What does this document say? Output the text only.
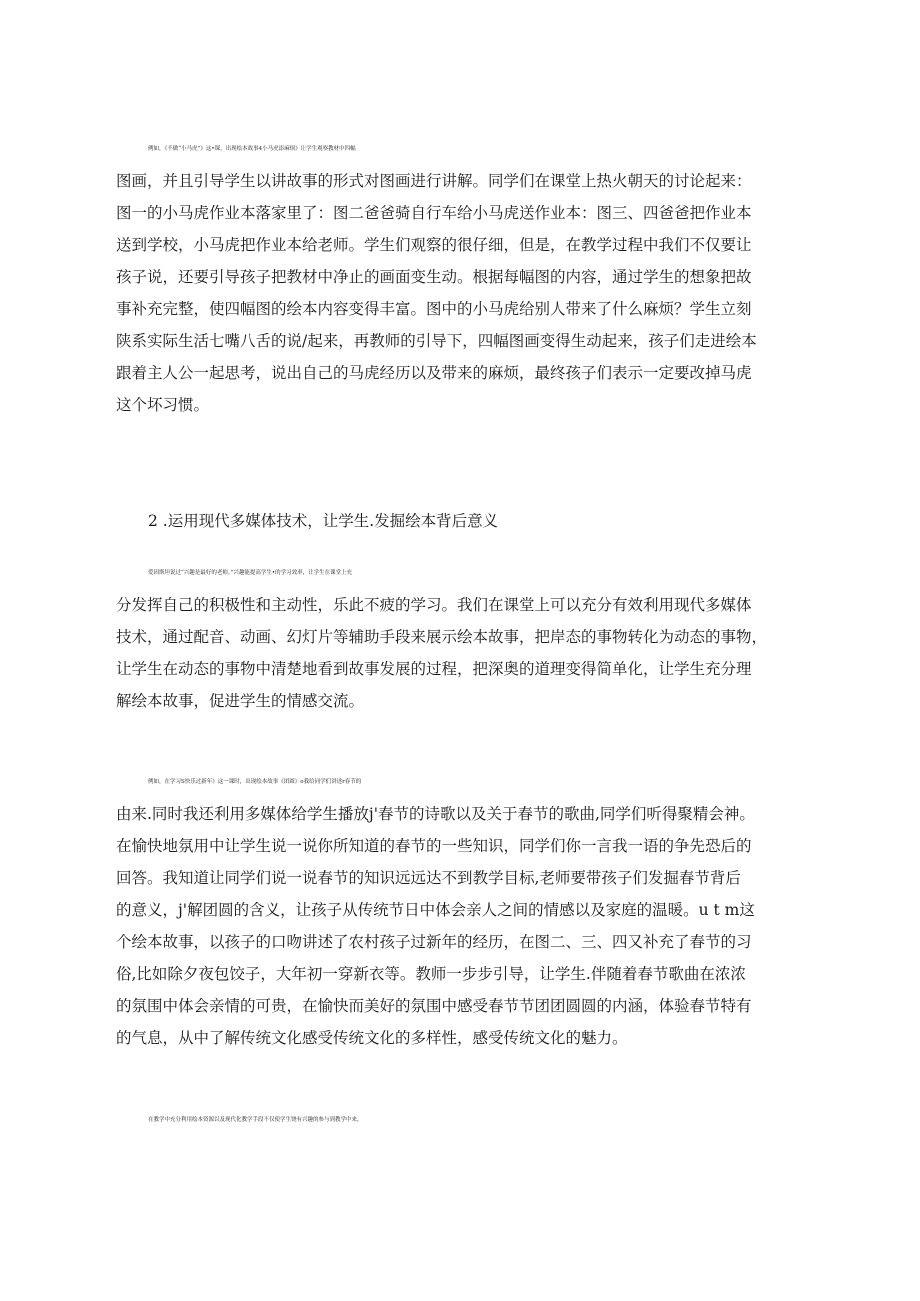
例如，《不做“小马虎”》这•课，出现绘本故事4小马虎添麻烦》让学生观察教材中四幅
图画，并且引导学生以讲故事的形式对图画进行讲解。同学们在课堂上热火朝天的讨论起来：
图一的小马虎作业本落家里了：图二爸爸骑自行车给小马虎送作业本：图三、四爸爸把作业本
送到学校，小马虎把作业本给老师。学生们观察的很仔细，但是，在教学过程中我们不仅要让
孩子说，还要引导孩子把教材中净止的画面变生动。根据每幅图的内容，通过学生的想象把故
事补充完整，使四幅图的绘本内容变得丰富。图中的小马虎给别人带来了什么麻烦？学生立刻
陕系实际生活七嘴八舌的说/起来，再教师的引导下，四幅图画变得生动起来，孩子们走进绘本
跟着主人公一起思考，说出自己的马虎经历以及带来的麻烦，最终孩子们表示一定要改掉马虎
这个坏习惯。
2 .运用现代多媒体技术，让学生.发掘绘本背后意义
爱因斯坦说过“兴趣是最好的老师。”兴趣能提高学生•的学习效率，让学生在课堂上充
分发挥自己的积极性和主动性，乐此不疲的学习。我们在课堂上可以充分有效利用现代多媒体
技术，通过配音、动画、幻灯片等辅助手段来展示绘本故事，把岸态的事物转化为动态的事物，
让学生在动态的事物中清楚地看到故事发展的过程，把深奥的道理变得简单化，让学生充分理
解绘本故事，促进学生的情感交流。
例如，在学习S快乐过新年》这一课时，出现绘本故事《团圆》o我给同学们讲述r春节的
由来.同时我还利用多媒体给学生播放j'春节的诗歌以及关于春节的歌曲,同学们听得聚精会神。
在愉快地氛用中让学生说一说你所知道的春节的一些知识，同学们你一言我一语的争先恐后的
回答。我知道让同学们说一说春节的知识远远达不到教学目标,老师要带孩子们发掘春节背后
的意义，j'解团圆的含义，让孩子从传统节日中体会亲人之间的情感以及家庭的温暖。u t m这
个绘本故事，以孩子的口吻讲述了农村孩子过新年的经历，在图二、三、四又补充了春节的习
俗,比如除夕夜包饺子，大年初一穿新衣等。教师一步步引导，让学生.伴随着春节歌曲在浓浓
的氛围中体会亲情的可贵，在愉快而美好的氛围中感受春节节团团圆圆的内涵，体验春节特有
的气息，从中了解传统文化感受传统文化的多样性，感受传统文化的魅力。
在教学中充分利用绘本资源以及现代化教学手段不仅使学生饶有兴趣的参与到教学中来，
